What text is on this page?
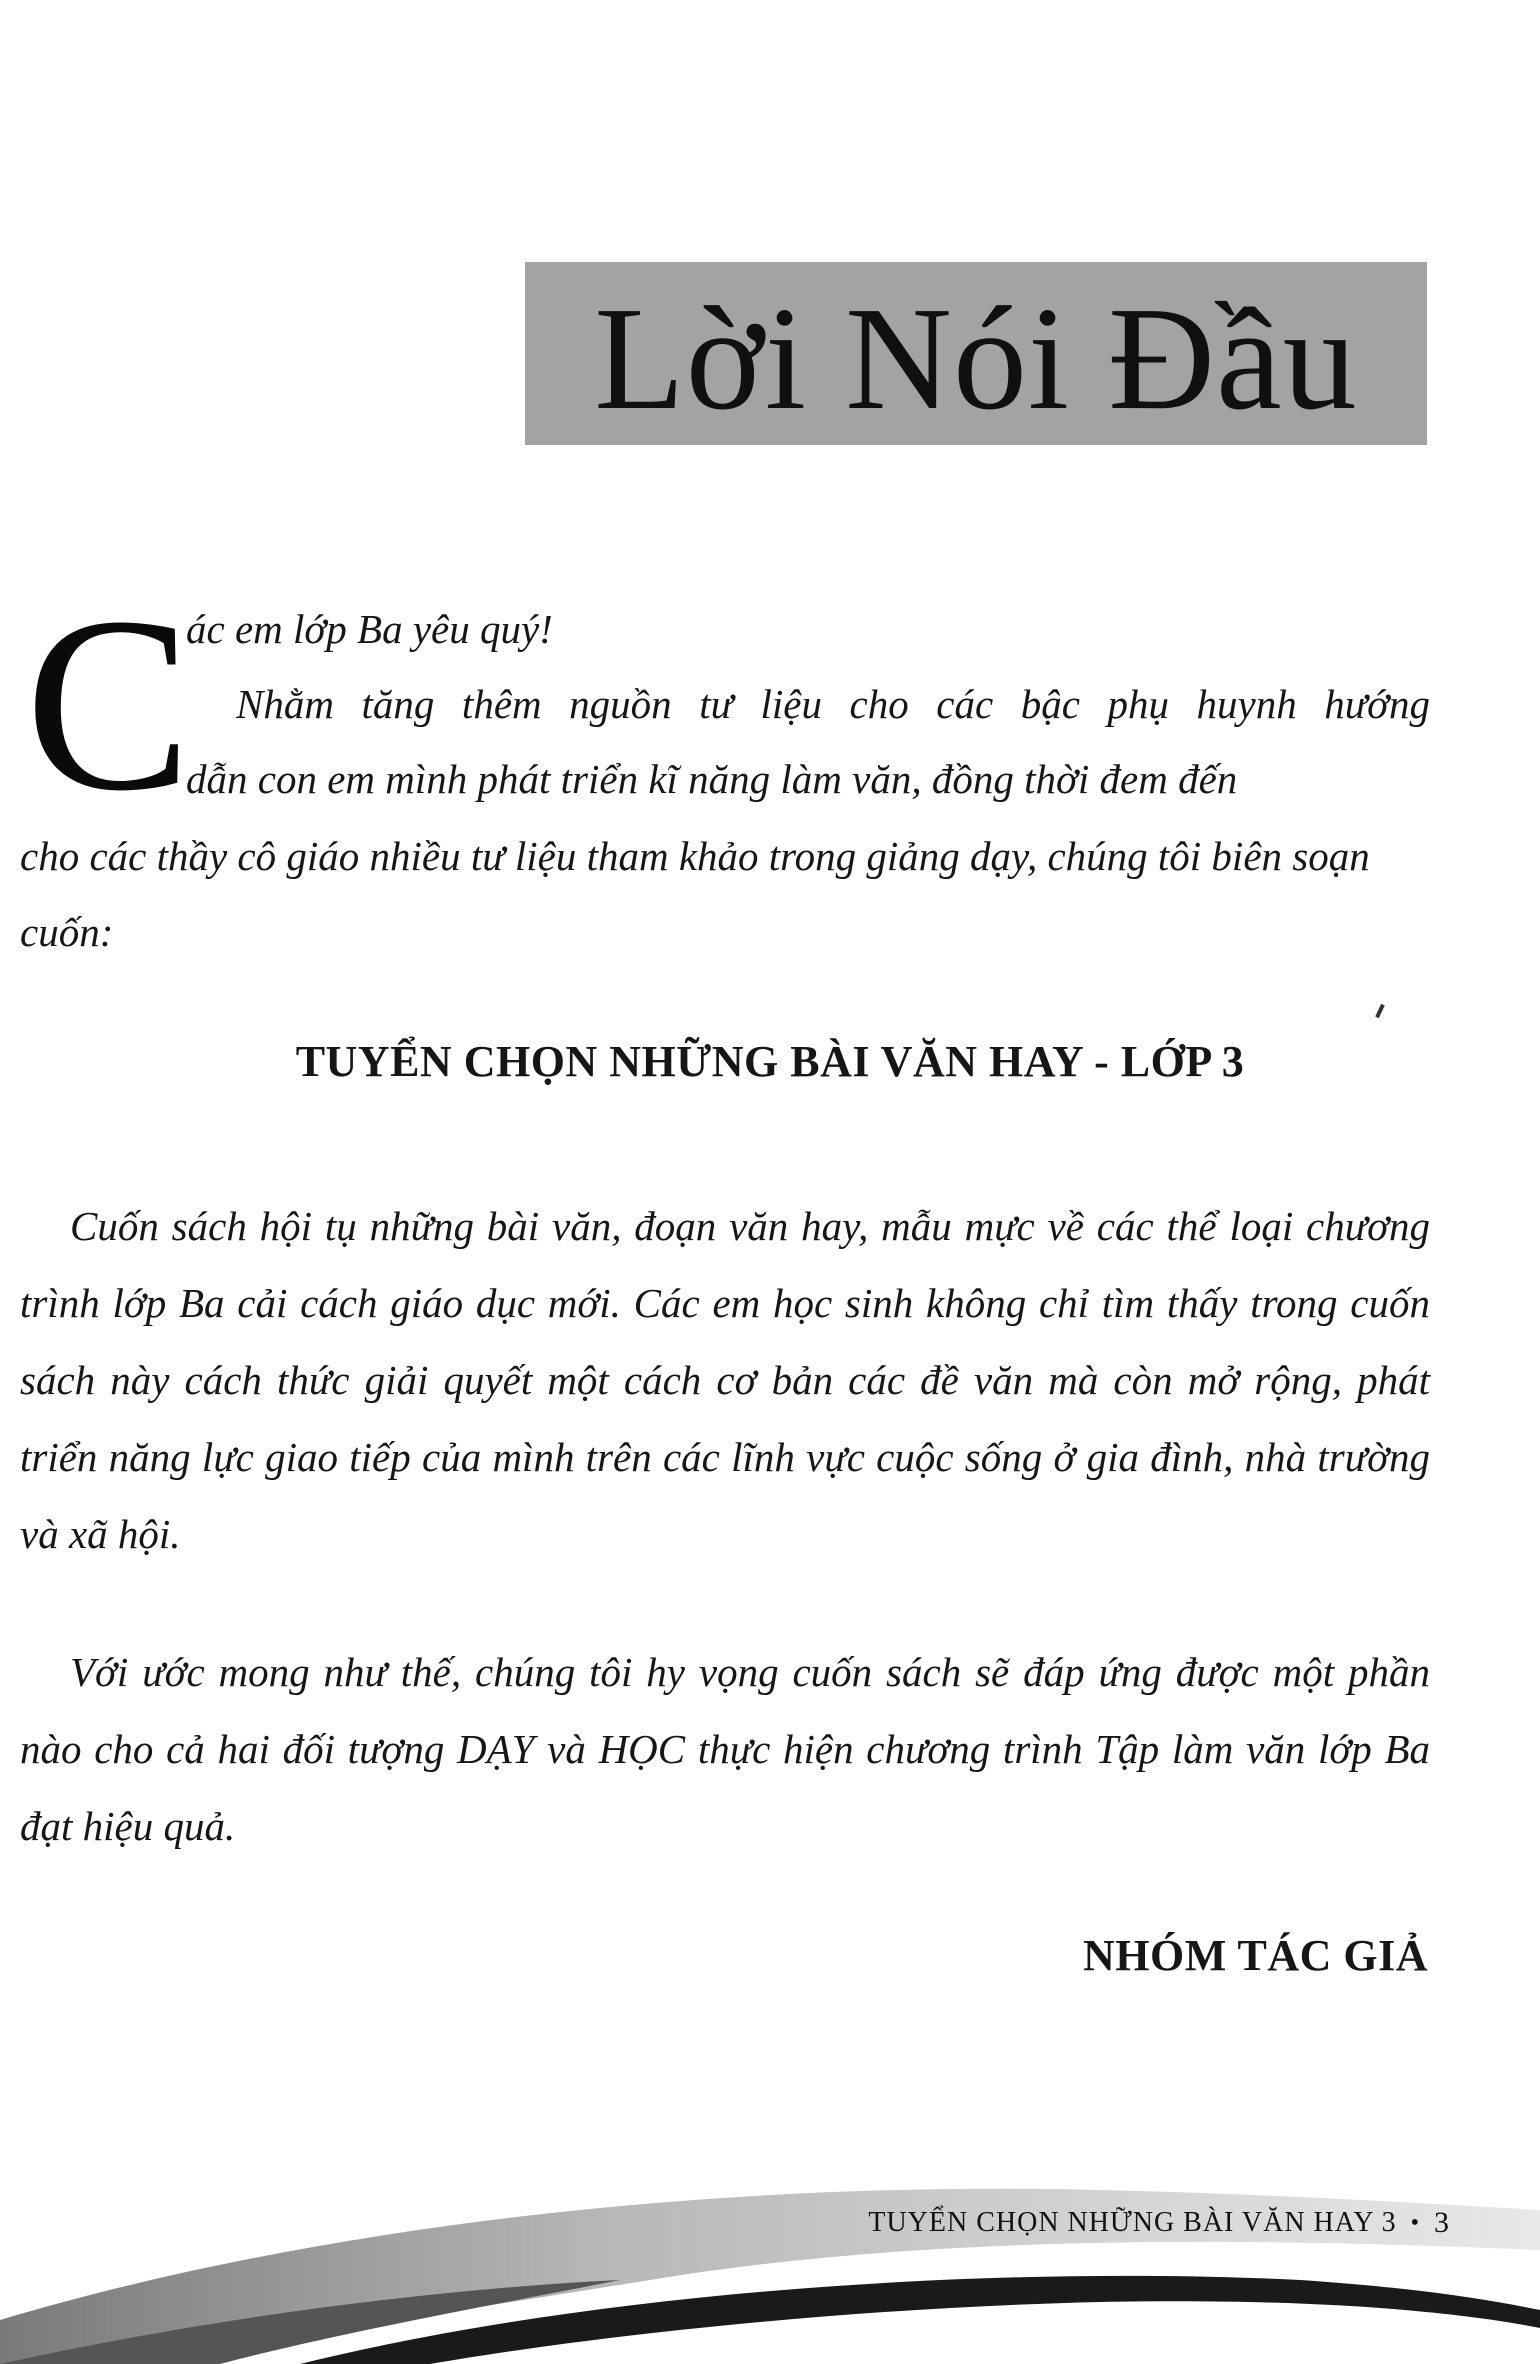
Lời Nói Đầu
C
ác em lớp Ba yêu quý!
Nhằm tăng thêm nguồn tư liệu cho các bậc phụ huynh hướng
dẫn con em mình phát triển kĩ năng làm văn, đồng thời đem đến

cho các thầy cô giáo nhiều tư liệu tham khảo trong giảng dạy, chúng tôi biên soạn cuốn:

TUYỂN CHỌN NHỮNG BÀI VĂN HAY - LỚP 3

Cuốn sách hội tụ những bài văn, đoạn văn hay, mẫu mực về các thể loại chương trình lớp Ba cải cách giáo dục mới. Các em học sinh không chỉ tìm thấy trong cuốn sách này cách thức giải quyết một cách cơ bản các đề văn mà còn mở rộng, phát triển năng lực giao tiếp của mình trên các lĩnh vực cuộc sống ở gia đình, nhà trường và xã hội.

Với ước mong như thế, chúng tôi hy vọng cuốn sách sẽ đáp ứng được một phần nào cho cả hai đối tượng DẠY và HỌC thực hiện chương trình Tập làm văn lớp Ba đạt hiệu quả.

NHÓM TÁC GIẢ

TUYỂN CHỌN NHỮNG BÀI VĂN HAY 3 • 3
